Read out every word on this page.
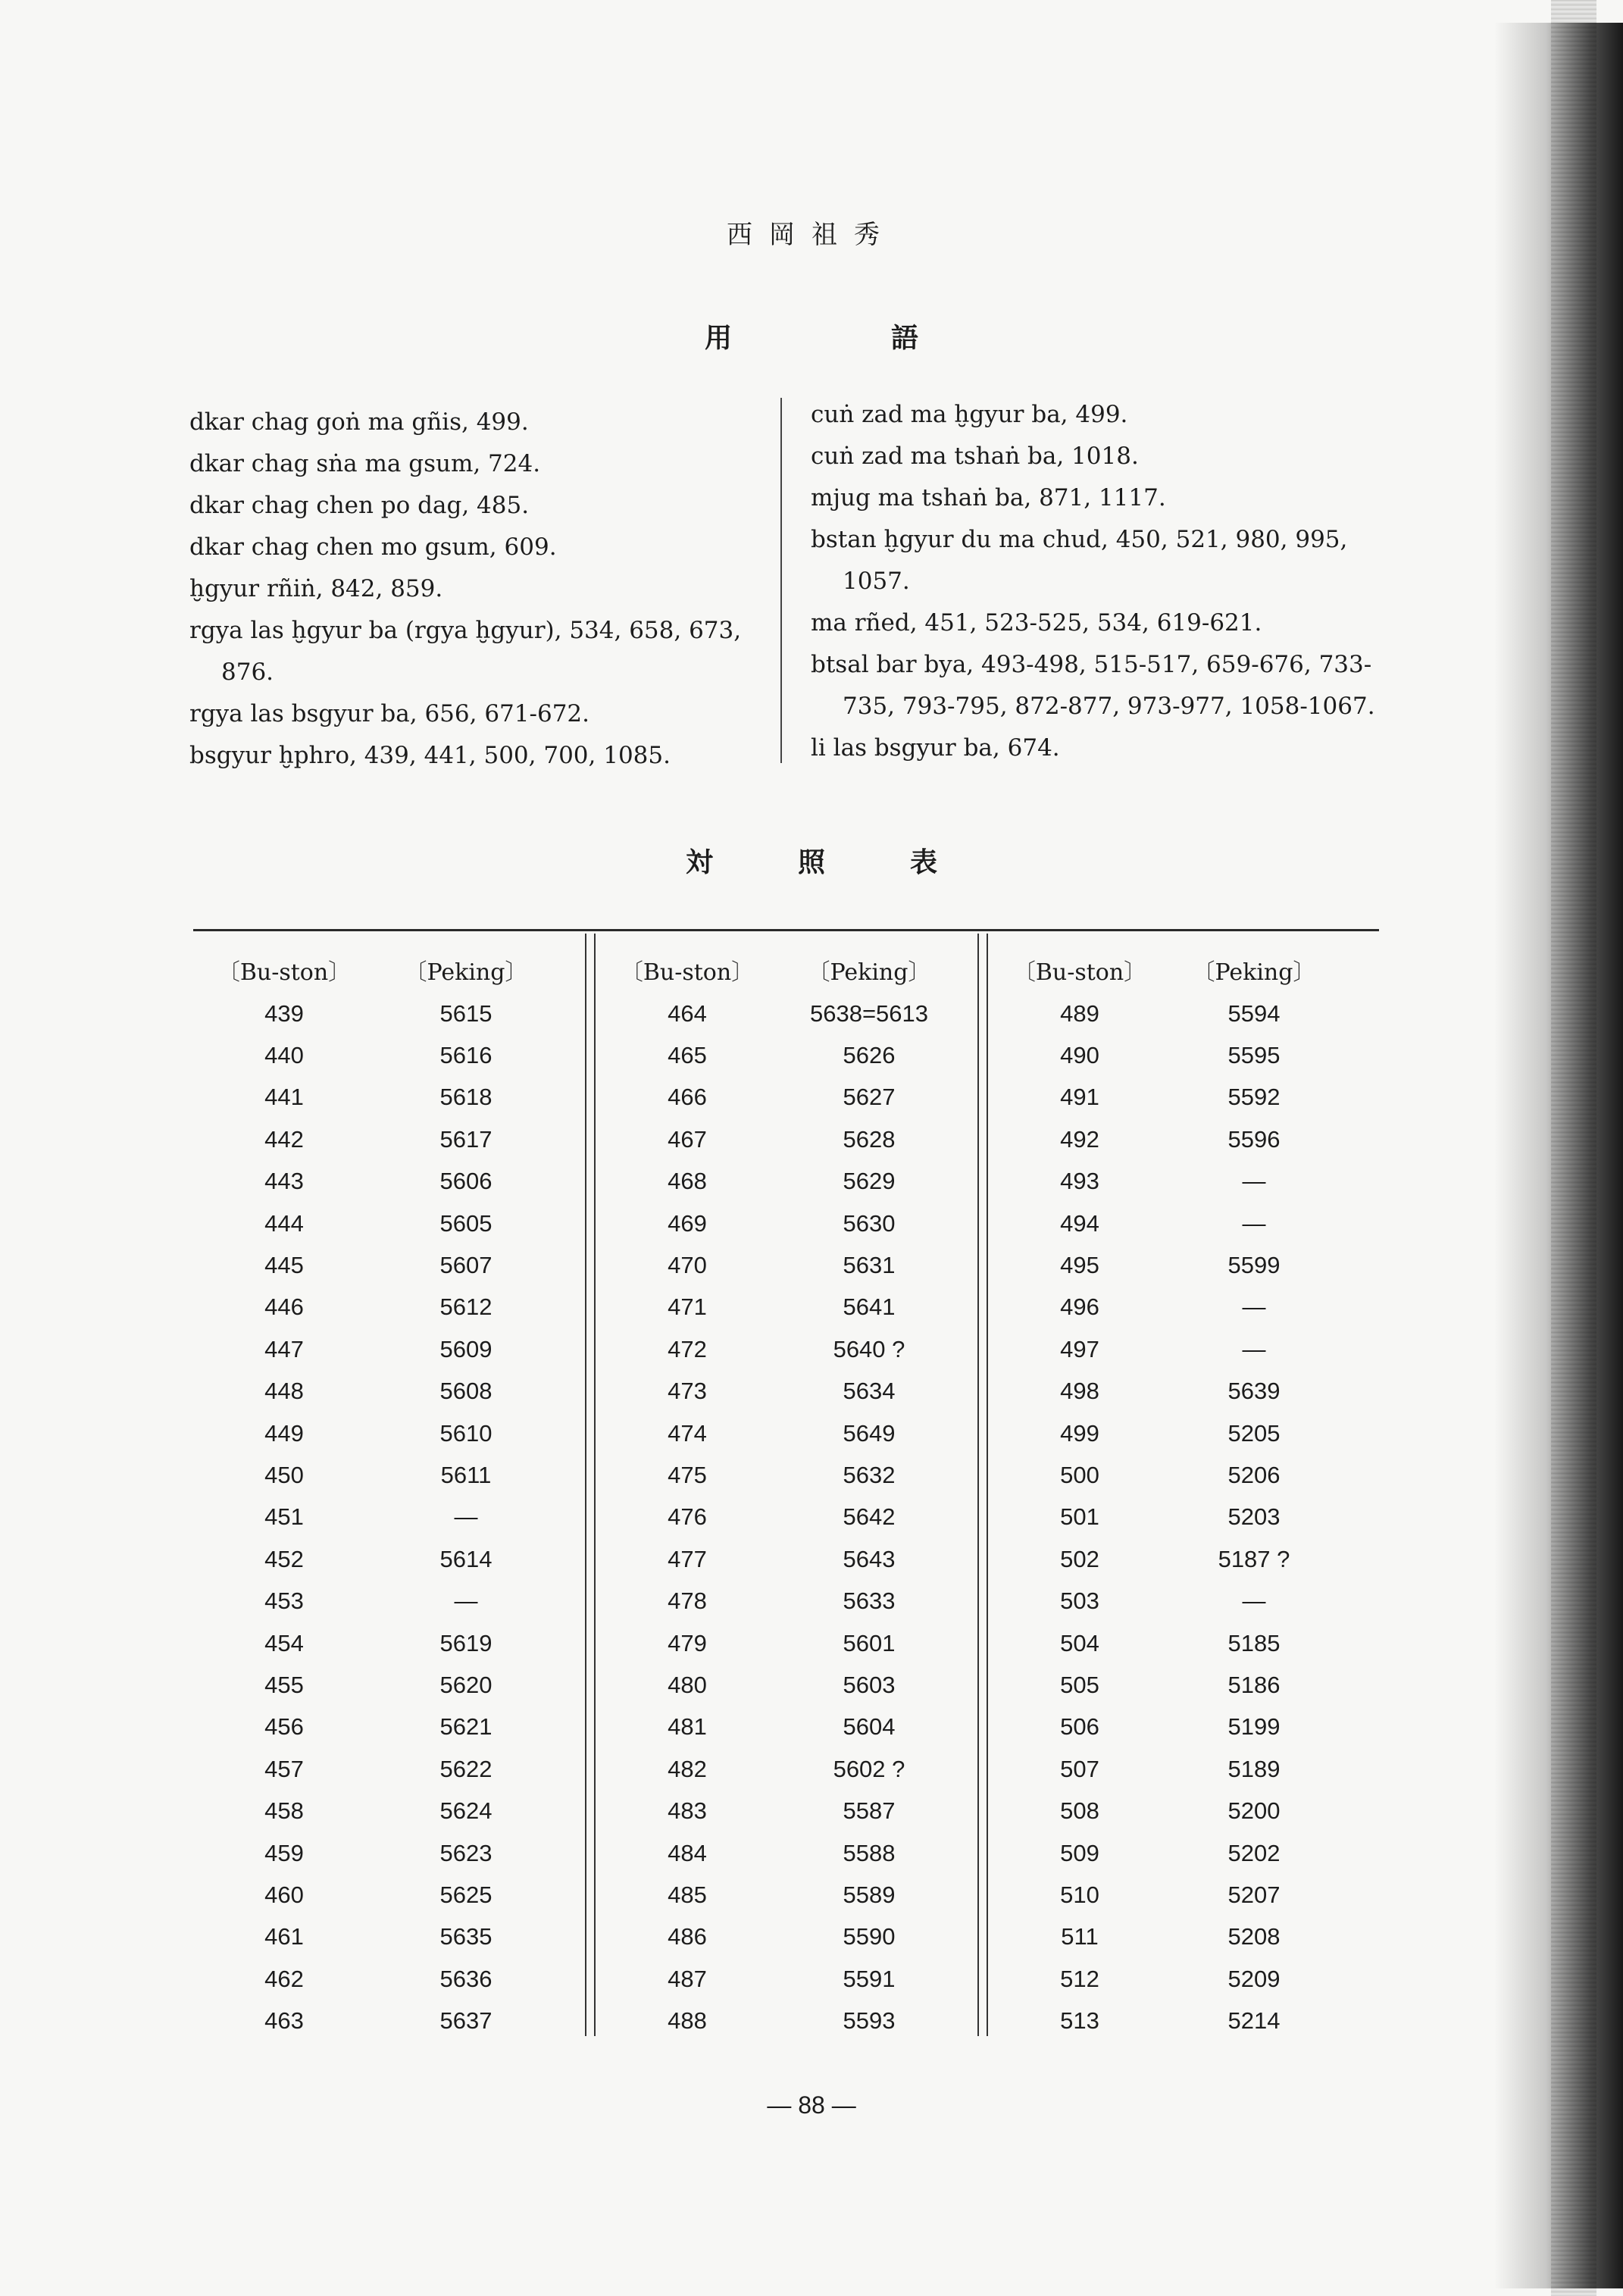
西岡祖秀
用	語
dkar chag goṅ ma gñis, 499.
dkar chag sṅa ma gsum, 724.
dkar chag chen po dag, 485.
dkar chag chen mo gsum, 609.
ḫgyur rñiṅ, 842, 859.
rgya las ḫgyur ba (rgya ḫgyur), 534, 658, 673, 876.
rgya las bsgyur ba, 656, 671-672.
bsgyur ḫphro, 439, 441, 500, 700, 1085.
cuṅ zad ma ḫgyur ba, 499.
cuṅ zad ma tshaṅ ba, 1018.
mjug ma tshaṅ ba, 871, 1117.
bstan ḫgyur du ma chud, 450, 521, 980, 995, 1057.
ma rñed, 451, 523-525, 534, 619-621.
btsal bar bya, 493-498, 515-517, 659-676, 733-735, 793-795, 872-877, 973-977, 1058-1067.
li las bsgyur ba, 674.
対	照	表
〔Bu-ston〕	〔Peking〕
439	5615
440	5616
441	5618
442	5617
443	5606
444	5605
445	5607
446	5612
447	5609
448	5608
449	5610
450	5611
451	—
452	5614
453	—
454	5619
455	5620
456	5621
457	5622
458	5624
459	5623
460	5625
461	5635
462	5636
463	5637
〔Bu-ston〕	〔Peking〕
464	5638=5613
465	5626
466	5627
467	5628
468	5629
469	5630
470	5631
471	5641
472	5640 ?
473	5634
474	5649
475	5632
476	5642
477	5643
478	5633
479	5601
480	5603
481	5604
482	5602 ?
483	5587
484	5588
485	5589
486	5590
487	5591
488	5593
〔Bu-ston〕	〔Peking〕
489	5594
490	5595
491	5592
492	5596
493	—
494	—
495	5599
496	—
497	—
498	5639
499	5205
500	5206
501	5203
502	5187 ?
503	—
504	5185
505	5186
506	5199
507	5189
508	5200
509	5202
510	5207
511	5208
512	5209
513	5214
— 88 —
